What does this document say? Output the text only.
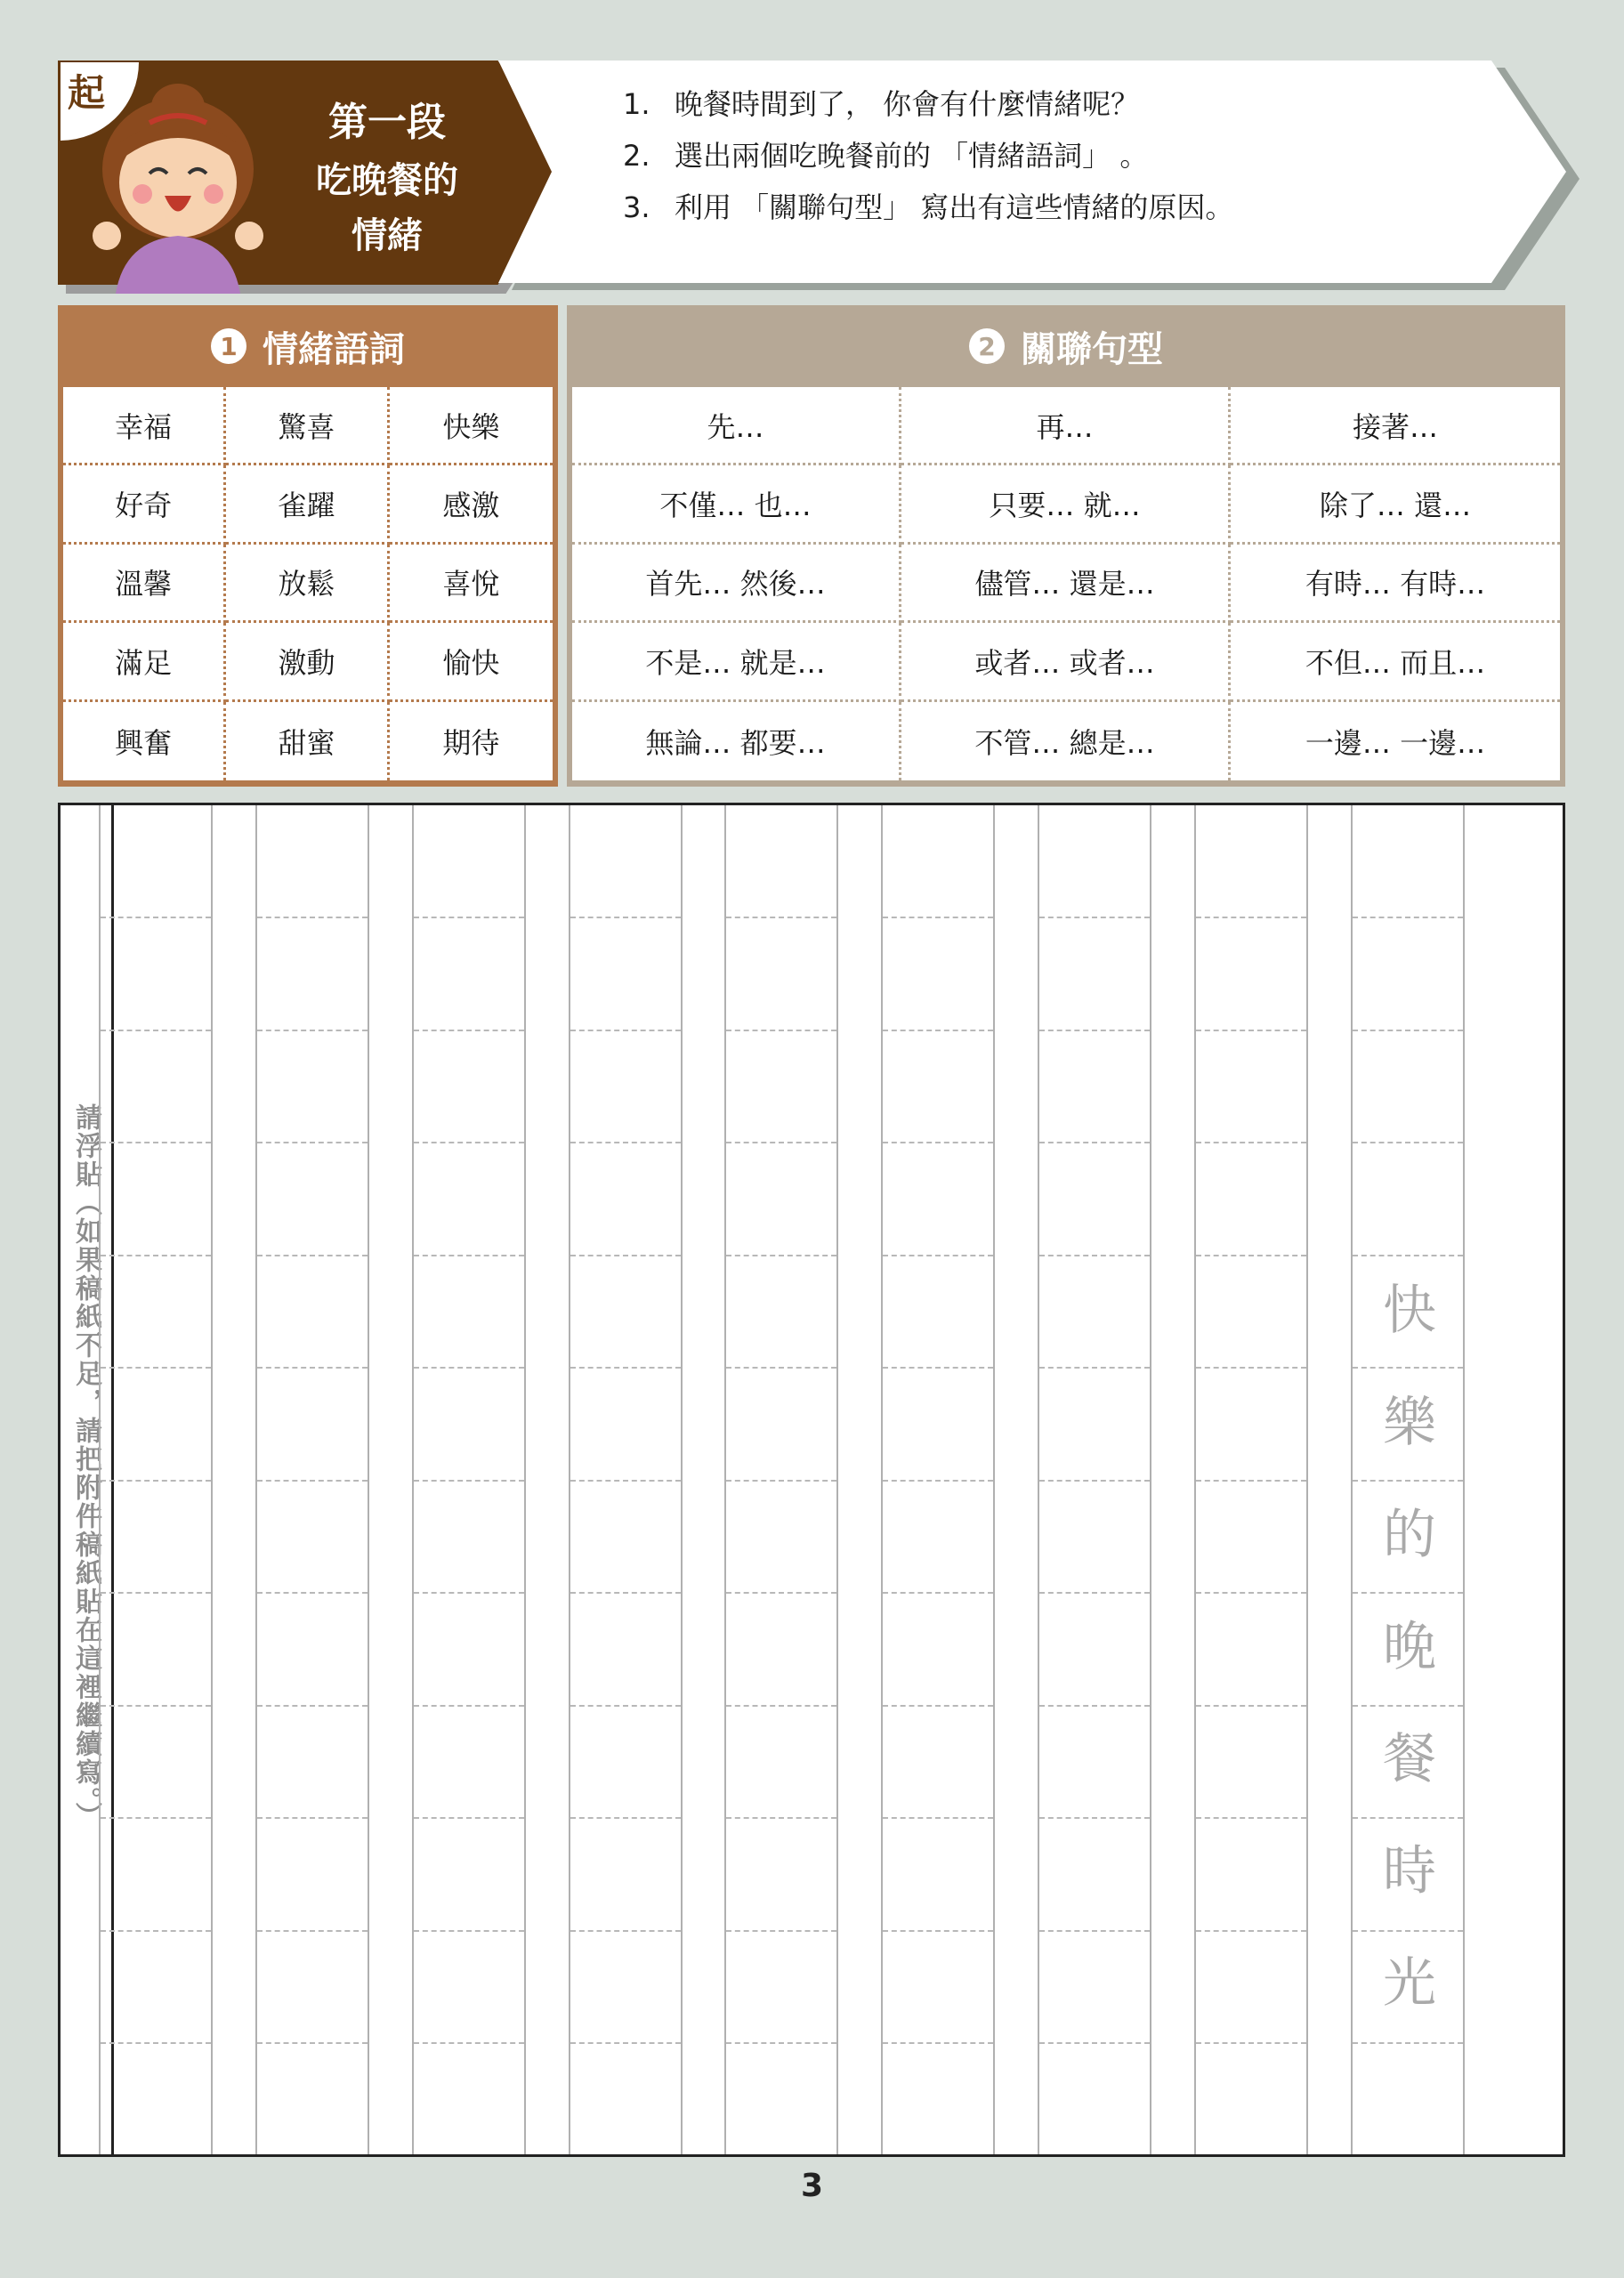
起
第一段
吃晚餐的
情緒
1. 晚餐時間到了， 你會有什麼情緒呢？
2. 選出兩個吃晚餐前的 「情緒語詞」 。
3. 利用 「關聯句型」 寫出有這些情緒的原因。
1 情緒語詞
幸福	驚喜	快樂
好奇	雀躍	感激
溫馨	放鬆	喜悅
滿足	激動	愉快
興奮	甜蜜	期待
2 關聯句型
先…	再…	接著…
不僅… 也…	只要… 就…	除了… 還…
首先… 然後…	儘管… 還是…	有時… 有時…
不是… 就是…	或者… 或者…	不但… 而且…
無論… 都要…	不管… 總是…	一邊… 一邊…
請浮貼（如果稿紙不足，請把附件稿紙貼在這裡繼續寫。）	快
樂
的
晚
餐
時
光
3
